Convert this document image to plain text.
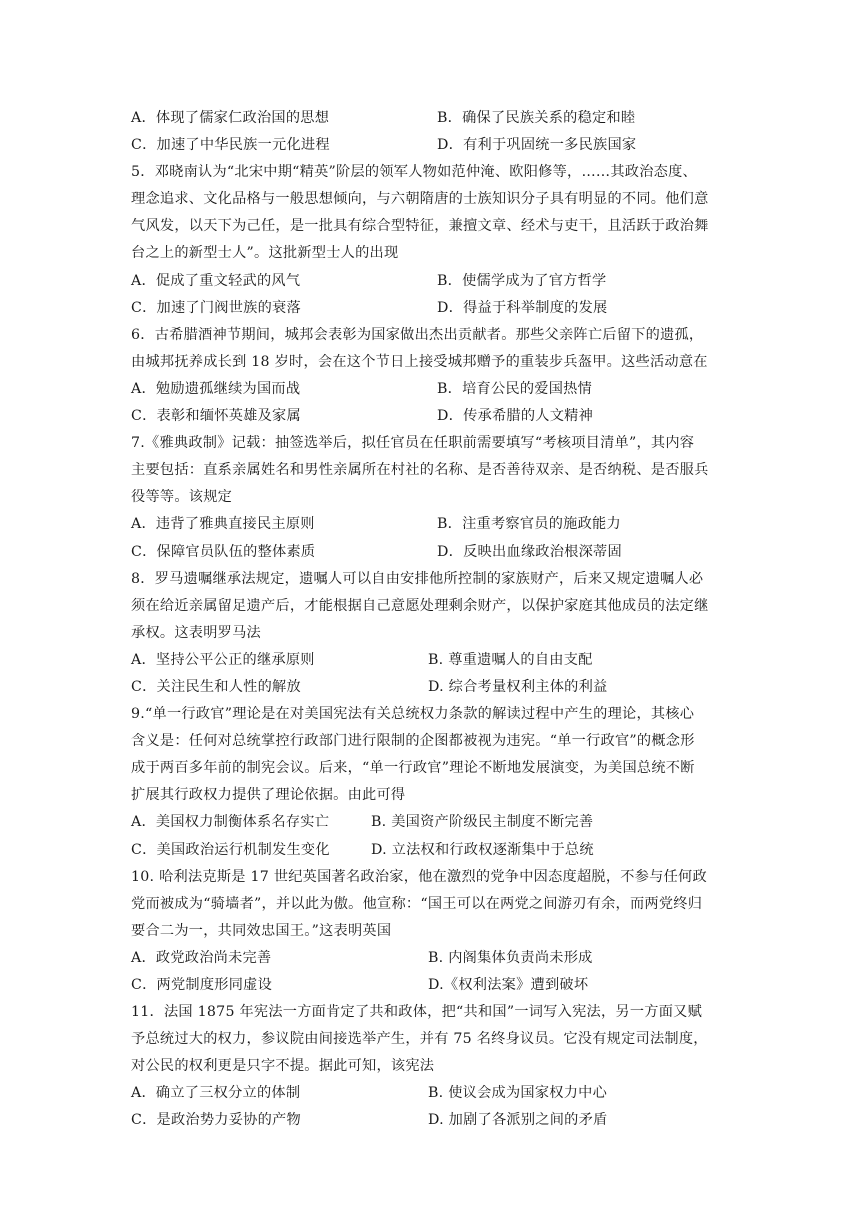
A．体现了儒家仁政治国的思想	B．确保了民族关系的稳定和睦
C．加速了中华民族一元化进程	D．有利于巩固统一多民族国家
5．邓晓南认为“北宋中期“精英”阶层的领军人物如范仲淹、欧阳修等，……其政治态度、
理念追求、文化品格与一般思想倾向，与六朝隋唐的士族知识分子具有明显的不同。他们意
气风发，以天下为己任，是一批具有综合型特征，兼擅文章、经术与吏干，且活跃于政治舞
台之上的新型士人”。这批新型士人的出现
A．促成了重文轻武的风气	B．使儒学成为了官方哲学
C．加速了门阀世族的衰落	D．得益于科举制度的发展
6．古希腊酒神节期间，城邦会表彰为国家做出杰出贡献者。那些父亲阵亡后留下的遗孤，
由城邦抚养成长到 18 岁时，会在这个节日上接受城邦赠予的重装步兵盔甲。这些活动意在
A．勉励遗孤继续为国而战	B．培育公民的爱国热情
C．表彰和缅怀英雄及家属	D．传承希腊的人文精神
7.《雅典政制》记载：抽签选举后，拟任官员在任职前需要填写“考核项目清单”，其内容
主要包括：直系亲属姓名和男性亲属所在村社的名称、是否善待双亲、是否纳税、是否服兵
役等等。该规定
A．违背了雅典直接民主原则	B．注重考察官员的施政能力
C．保障官员队伍的整体素质	D．反映出血缘政治根深蒂固
8．罗马遗嘱继承法规定，遗嘱人可以自由安排他所控制的家族财产，后来又规定遗嘱人必
须在给近亲属留足遗产后，才能根据自己意愿处理剩余财产，以保护家庭其他成员的法定继
承权。这表明罗马法
A．坚持公平公正的继承原则	B. 尊重遗嘱人的自由支配
C．关注民生和人性的解放	D. 综合考量权利主体的利益
9.“单一行政官”理论是在对美国宪法有关总统权力条款的解读过程中产生的理论，其核心
含义是：任何对总统掌控行政部门进行限制的企图都被视为违宪。“单一行政官”的概念形
成于两百多年前的制宪会议。后来，“单一行政官”理论不断地发展演变，为美国总统不断
扩展其行政权力提供了理论依据。由此可得
A．美国权力制衡体系名存实亡	B. 美国资产阶级民主制度不断完善
C．美国政治运行机制发生变化	D. 立法权和行政权逐渐集中于总统
10. 哈利法克斯是 17 世纪英国著名政治家，他在激烈的党争中因态度超脱，不参与任何政
党而被成为“骑墙者”，并以此为傲。他宣称：“国王可以在两党之间游刃有余，而两党终归
要合二为一，共同效忠国王。”这表明英国
A．政党政治尚未完善	B. 内阁集体负责尚未形成
C．两党制度形同虚设	D.《权利法案》遭到破坏
11．法国 1875 年宪法一方面肯定了共和政体，把“共和国”一词写入宪法，另一方面又赋
予总统过大的权力，参议院由间接选举产生，并有 75 名终身议员。它没有规定司法制度，
对公民的权利更是只字不提。据此可知，该宪法
A．确立了三权分立的体制	B. 使议会成为国家权力中心
C．是政治势力妥协的产物	D. 加剧了各派别之间的矛盾
